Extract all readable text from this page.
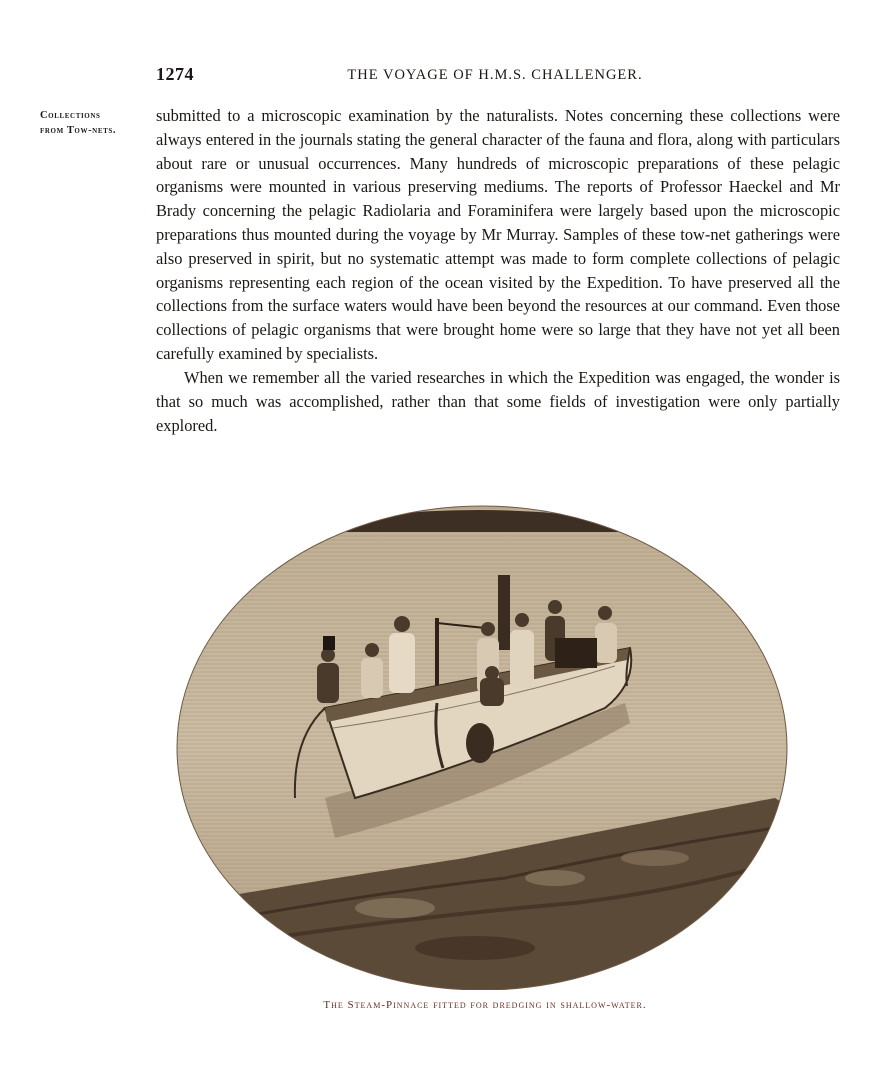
1274	THE VOYAGE OF H.M.S. CHALLENGER.
Collections
from Tow-nets.

submitted to a microscopic examination by the naturalists. Notes concerning these collections were always entered in the journals stating the general character of the fauna and flora, along with particulars about rare or unusual occurrences. Many hundreds of microscopic preparations of these pelagic organisms were mounted in various preserving mediums. The reports of Professor Haeckel and Mr Brady concerning the pelagic Radiolaria and Foraminifera were largely based upon the microscopic preparations thus mounted during the voyage by Mr Murray. Samples of these tow-net gatherings were also preserved in spirit, but no systematic attempt was made to form complete collections of pelagic organisms representing each region of the ocean visited by the Expedition. To have preserved all the collections from the surface waters would have been beyond the resources at our command. Even those collections of pelagic organisms that were brought home were so large that they have not yet all been carefully examined by specialists.

When we remember all the varied researches in which the Expedition was engaged, the wonder is that so much was accomplished, rather than that some fields of investigation were only partially explored.

The Steam-Pinnace fitted for dredging in shallow-water.
